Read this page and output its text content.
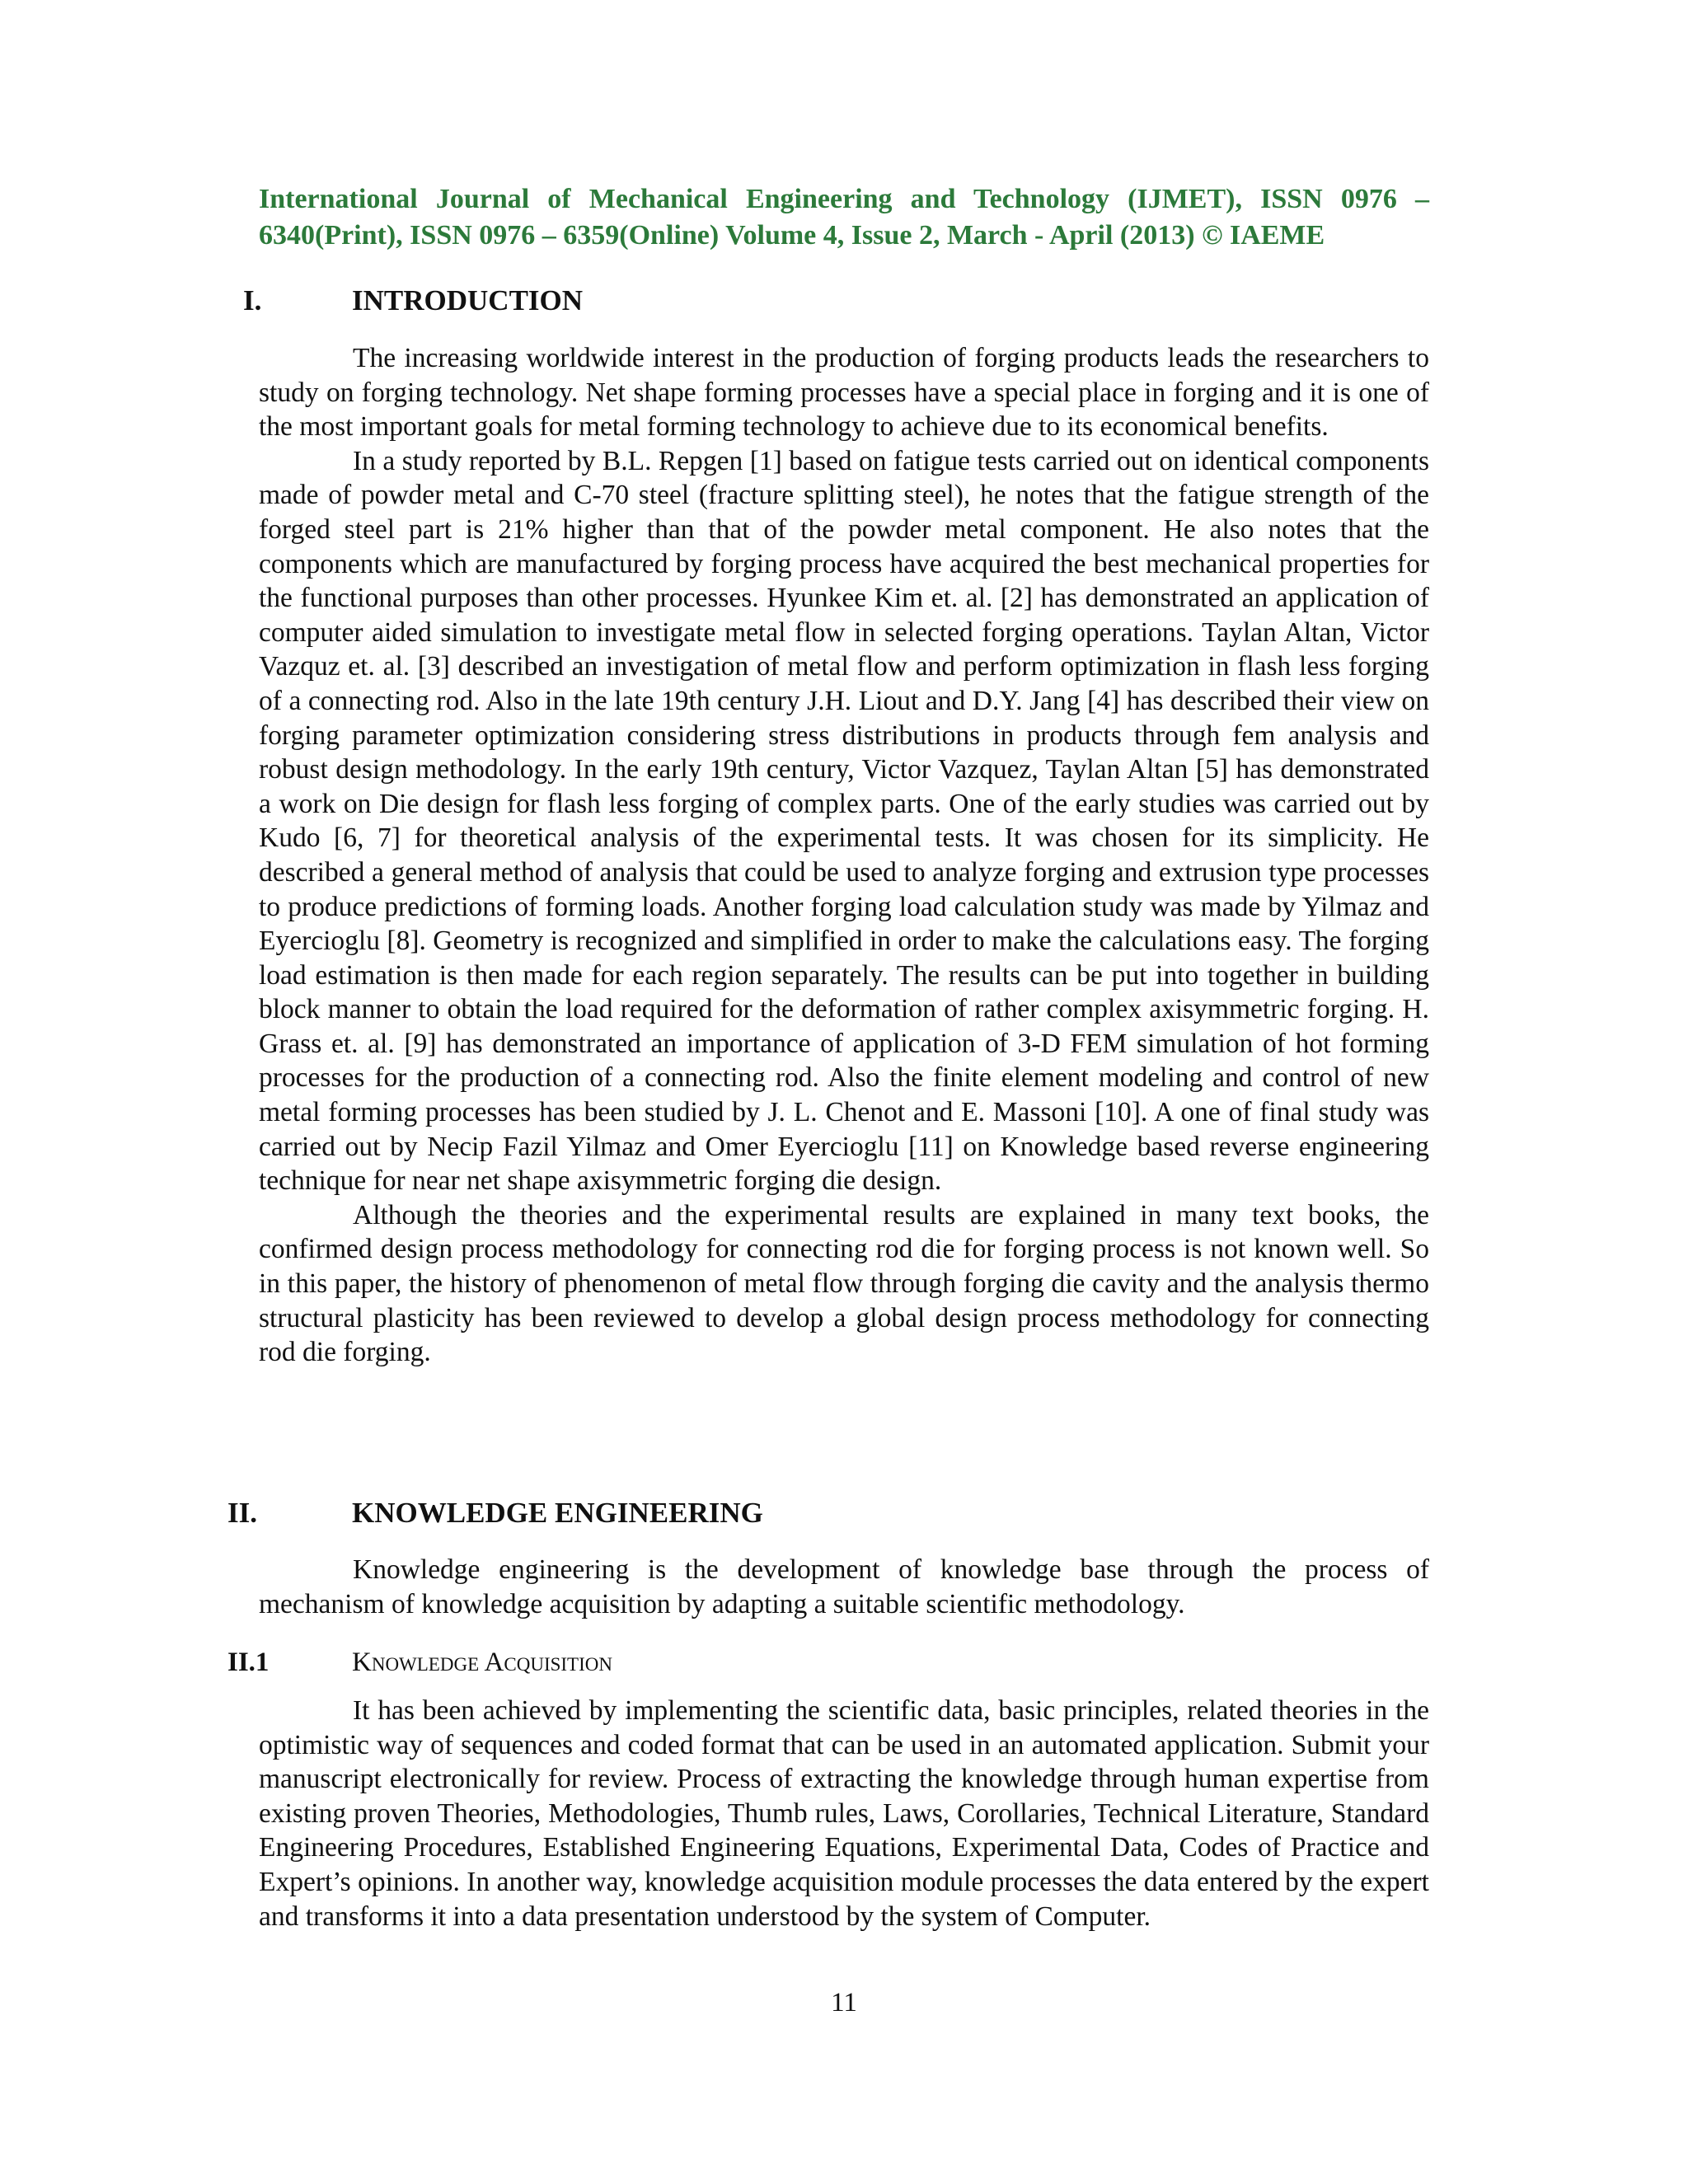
International Journal of Mechanical Engineering and Technology (IJMET), ISSN 0976 –
6340(Print), ISSN 0976 – 6359(Online) Volume 4, Issue 2, March - April (2013) © IAEME
I.	INTRODUCTION

The increasing worldwide interest in the production of forging products leads the researchers to study on forging technology. Net shape forming processes have a special place in forging and it is one of the most important goals for metal forming technology to achieve due to its economical benefits.

In a study reported by B.L. Repgen [1] based on fatigue tests carried out on identical components made of powder metal and C-70 steel (fracture splitting steel), he notes that the fatigue strength of the forged steel part is 21% higher than that of the powder metal component. He also notes that the components which are manufactured by forging process have acquired the best mechanical properties for the functional purposes than other processes. Hyunkee Kim et. al. [2] has demonstrated an application of computer aided simulation to investigate metal flow in selected forging operations. Taylan Altan, Victor Vazquz et. al. [3] described an investigation of metal flow and perform optimization in flash less forging of a connecting rod. Also in the late 19th century J.H. Liout and D.Y. Jang [4] has described their view on forging parameter optimization considering stress distributions in products through fem analysis and robust design methodology. In the early 19th century, Victor Vazquez, Taylan Altan [5] has demonstrated a work on Die design for flash less forging of complex parts. One of the early studies was carried out by Kudo [6, 7] for theoretical analysis of the experimental tests. It was chosen for its simplicity. He described a general method of analysis that could be used to analyze forging and extrusion type processes to produce predictions of forming loads. Another forging load calculation study was made by Yilmaz and Eyercioglu [8]. Geometry is recognized and simplified in order to make the calculations easy. The forging load estimation is then made for each region separately. The results can be put into together in building block manner to obtain the load required for the deformation of rather complex axisymmetric forging. H. Grass et. al. [9] has demonstrated an importance of application of 3-D FEM simulation of hot forming processes for the production of a connecting rod. Also the finite element modeling and control of new metal forming processes has been studied by J. L. Chenot and E. Massoni [10]. A one of final study was carried out by Necip Fazil Yilmaz and Omer Eyercioglu [11] on Knowledge based reverse engineering technique for near net shape axisymmetric forging die design.

Although the theories and the experimental results are explained in many text books, the confirmed design process methodology for connecting rod die for forging process is not known well. So in this paper, the history of phenomenon of metal flow through forging die cavity and the analysis thermo structural plasticity has been reviewed to develop a global design process methodology for connecting rod die forging.

II.	KNOWLEDGE ENGINEERING

Knowledge engineering is the development of knowledge base through the process of mechanism of knowledge acquisition by adapting a suitable scientific methodology.

II.1	Knowledge Acquisition

It has been achieved by implementing the scientific data, basic principles, related theories in the optimistic way of sequences and coded format that can be used in an automated application. Submit your manuscript electronically for review. Process of extracting the knowledge through human expertise from existing proven Theories, Methodologies, Thumb rules, Laws, Corollaries, Technical Literature, Standard Engineering Procedures, Established Engineering Equations, Experimental Data, Codes of Practice and Expert’s opinions. In another way, knowledge acquisition module processes the data entered by the expert and transforms it into a data presentation understood by the system of Computer.

11
